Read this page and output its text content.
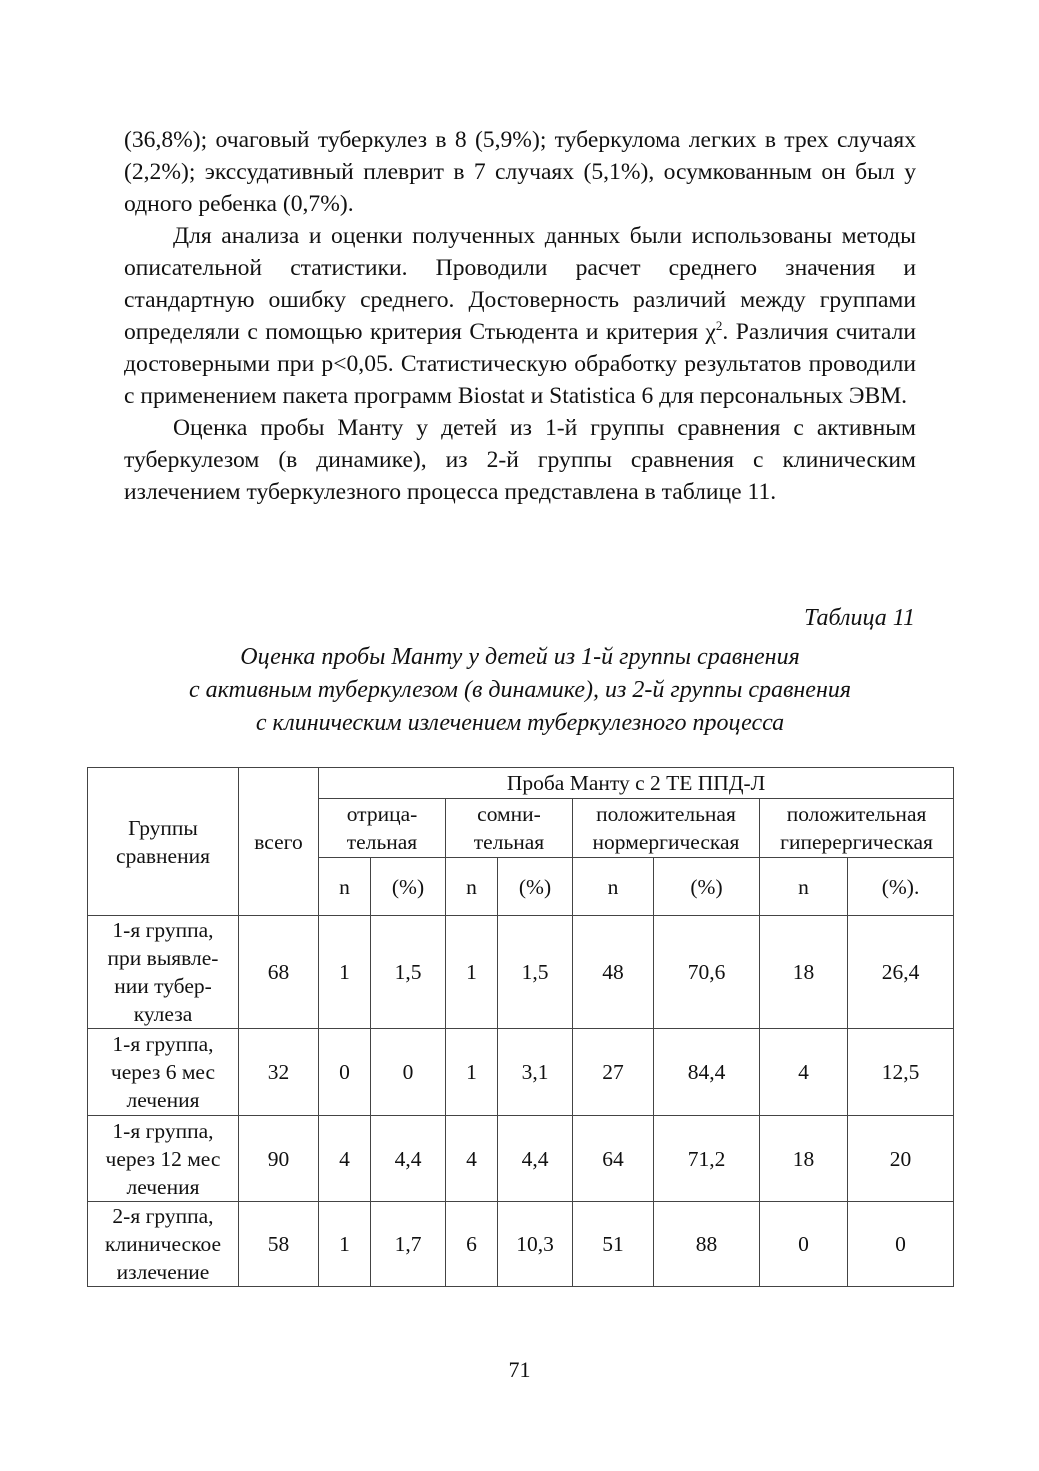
(36,8%); очаговый туберкулез в 8 (5,9%); туберкулома легких в трех случаях (2,2%); экссудативный плеврит в 7 случаях (5,1%), осумкованным он был у одного ребенка (0,7%).

Для анализа и оценки полученных данных были использованы методы описательной статистики. Проводили расчет среднего значения и стандартную ошибку среднего. Достоверность различий между группами определяли с помощью критерия Стьюдента и критерия $\chi^2$. Различия считали достоверными при p<0,05. Статистическую обработку результатов проводили с применением пакета программ Biostat и Statistica 6 для персональных ЭВМ.

Оценка пробы Манту у детей из 1-й группы сравнения с активным туберкулезом (в динамике), из 2-й группы сравнения с клиническим излечением туберкулезного процесса представлена в таблице 11.

Таблица 11
Оценка пробы Манту у детей из 1-й группы сравнения
с активным туберкулезом (в динамике), из 2-й группы сравнения
с клиническим излечением туберкулезного процесса
Группы сравнения	всего	Проба Манту с 2 ТЕ ППД-Л							
		отрица-тельная		сомни-тельная		положительная нормергическая		положительная гиперергическая	
		n	(%)	n	(%)	n	(%)	n	(%).
1-я группа, при выявле-нии тубер-кулеза	68	1	1,5	1	1,5	48	70,6	18	26,4
1-я группа, через 6 мес лечения	32	0	0	1	3,1	27	84,4	4	12,5
1-я группа, через 12 мес лечения	90	4	4,4	4	4,4	64	71,2	18	20
2-я группа, клиническое излечение	58	1	1,7	6	10,3	51	88	0	0
71
